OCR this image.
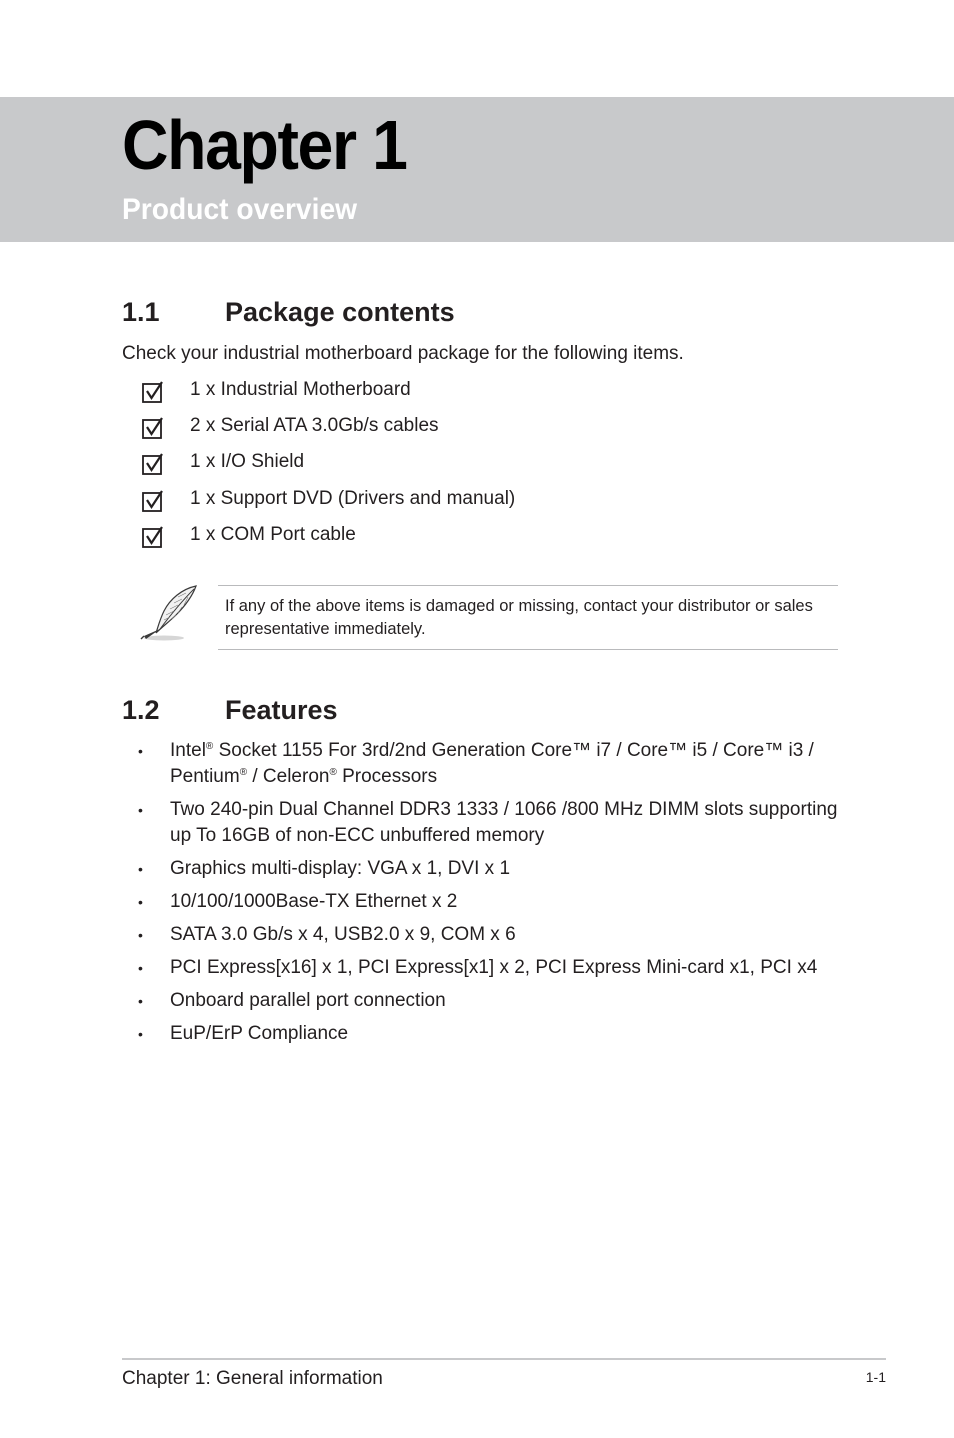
Chapter 1
Product overview
1.1 Package contents
Check your industrial motherboard package for the following items.
1 x Industrial Motherboard
2 x Serial ATA 3.0Gb/s cables
1 x I/O Shield
1 x Support DVD (Drivers and manual)
1 x COM Port cable
If any of the above items is damaged or missing, contact your distributor or sales representative immediately.
1.2 Features
• Intel® Socket 1155 For 3rd/2nd Generation Core™ i7 / Core™ i5 / Core™ i3 / Pentium® / Celeron® Processors
• Two 240-pin Dual Channel DDR3 1333 / 1066 /800 MHz DIMM slots supporting up To 16GB of non-ECC unbuffered memory
• Graphics multi-display: VGA x 1, DVI x 1
• 10/100/1000Base-TX Ethernet x 2
• SATA 3.0 Gb/s x 4, USB2.0 x 9, COM x 6
• PCI Express[x16] x 1, PCI Express[x1] x 2, PCI Express Mini-card x1, PCI x4
• Onboard parallel port connection
• EuP/ErP Compliance
Chapter 1: General information	1-1
